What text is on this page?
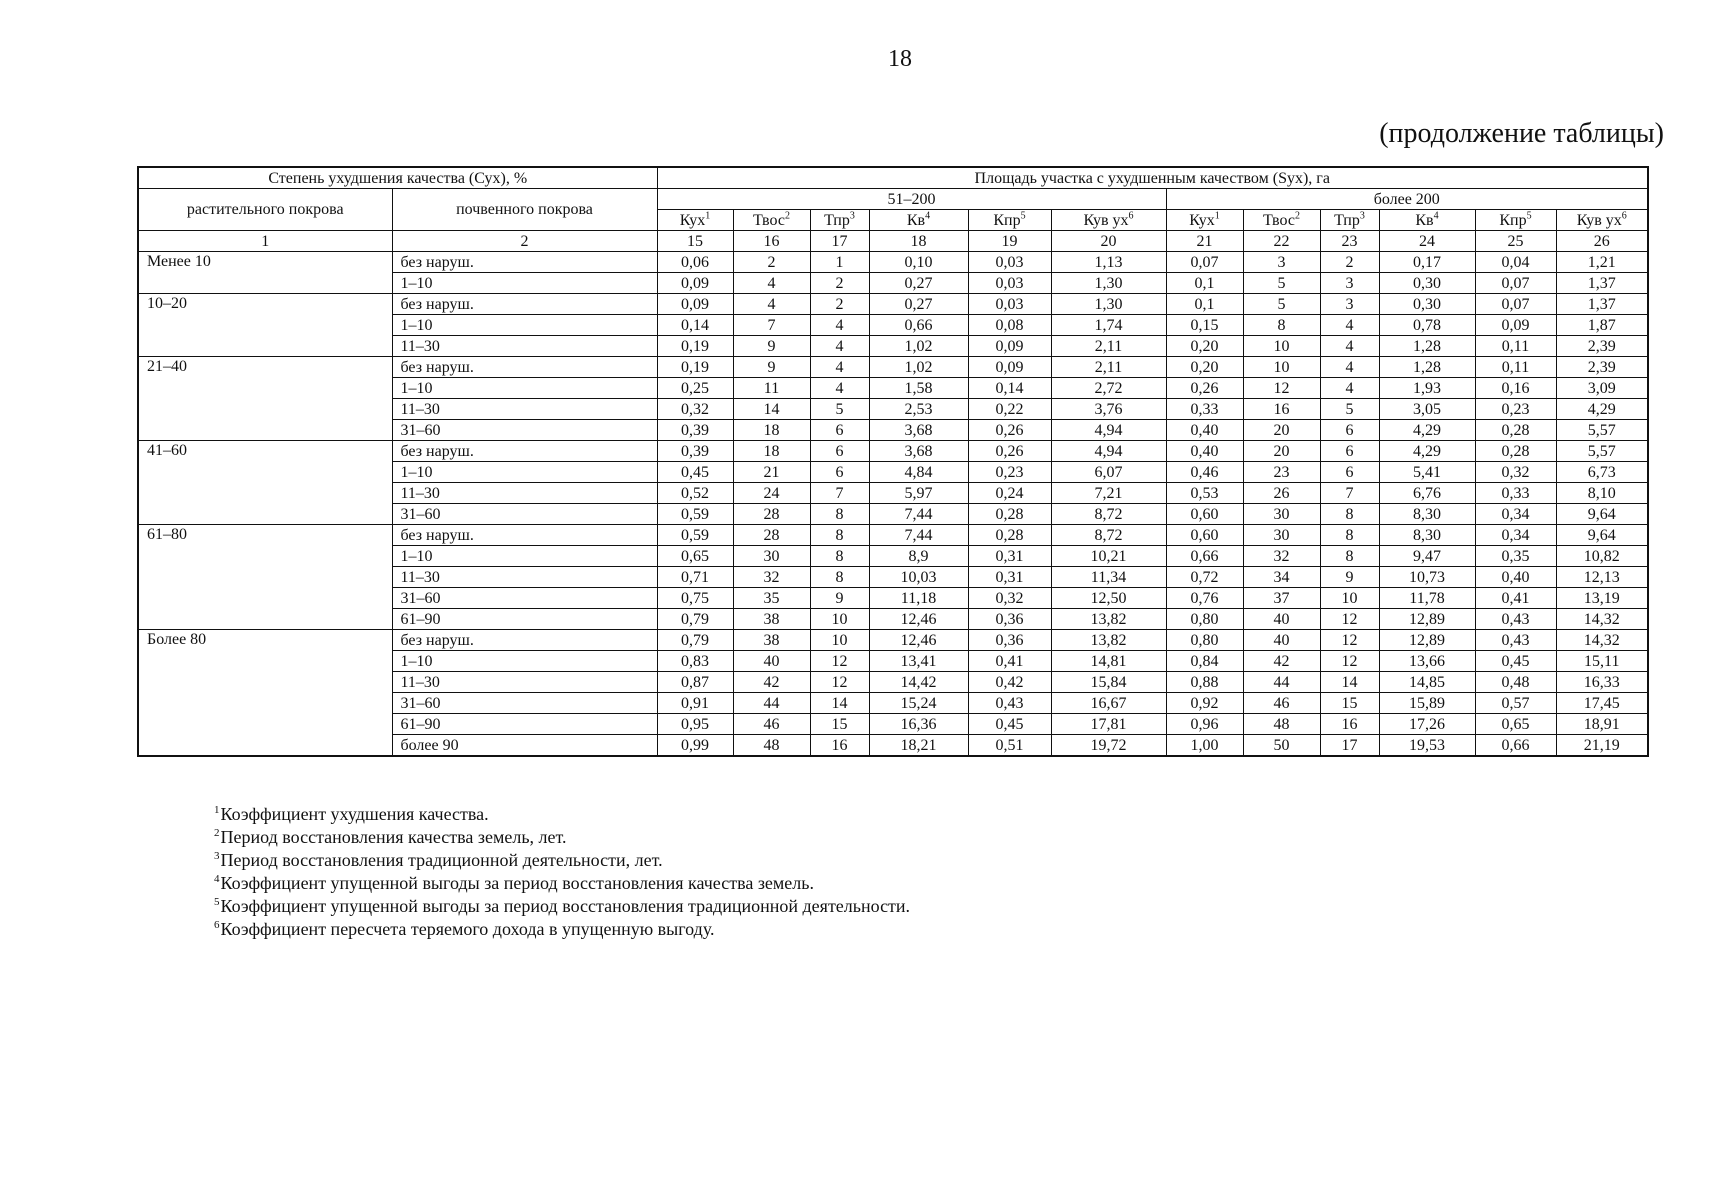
18
(продолжение таблицы)
Степень ухудшения качества (Сух), %		Площадь участка с ухудшенным качеством (Sух), га											
растительного покрова	почвенного покрова	51–200						более 200					
		Кух$^1$	Твос$^2$	Тпр$^3$	$Кв^4$	Кпр$^5$	Кув $ух^6$	Кух$^1$	Твос$^2$	Тпр$^3$	$Кв^4$	Кпр$^5$	Кув $ух^6$
1	2	15	16	17	18	19	20	21	22	23	24	25	26
Менее 10	без наруш.	0,06	2	1	0,10	0,03	1,13	0,07	3	2	0,17	0,04	1,21
	1–10	0,09	4	2	0,27	0,03	1,30	0,1	5	3	0,30	0,07	1,37
10–20	без наруш.	0,09	4	2	0,27	0,03	1,30	0,1	5	3	0,30	0,07	1,37
	1–10	0,14	7	4	0,66	0,08	1,74	0,15	8	4	0,78	0,09	1,87
	11–30	0,19	9	4	1,02	0,09	2,11	0,20	10	4	1,28	0,11	2,39
21–40	без наруш.	0,19	9	4	1,02	0,09	2,11	0,20	10	4	1,28	0,11	2,39
	1–10	0,25	11	4	1,58	0,14	2,72	0,26	12	4	1,93	0,16	3,09
	11–30	0,32	14	5	2,53	0,22	3,76	0,33	16	5	3,05	0,23	4,29
	31–60	0,39	18	6	3,68	0,26	4,94	0,40	20	6	4,29	0,28	5,57
41–60	без наруш.	0,39	18	6	3,68	0,26	4,94	0,40	20	6	4,29	0,28	5,57
	1–10	0,45	21	6	4,84	0,23	6,07	0,46	23	6	5,41	0,32	6,73
	11–30	0,52	24	7	5,97	0,24	7,21	0,53	26	7	6,76	0,33	8,10
	31–60	0,59	28	8	7,44	0,28	8,72	0,60	30	8	8,30	0,34	9,64
61–80	без наруш.	0,59	28	8	7,44	0,28	8,72	0,60	30	8	8,30	0,34	9,64
	1–10	0,65	30	8	8,9	0,31	10,21	0,66	32	8	9,47	0,35	10,82
	11–30	0,71	32	8	10,03	0,31	11,34	0,72	34	9	10,73	0,40	12,13
	31–60	0,75	35	9	11,18	0,32	12,50	0,76	37	10	11,78	0,41	13,19
	61–90	0,79	38	10	12,46	0,36	13,82	0,80	40	12	12,89	0,43	14,32
Более 80	без наруш.	0,79	38	10	12,46	0,36	13,82	0,80	40	12	12,89	0,43	14,32
	1–10	0,83	40	12	13,41	0,41	14,81	0,84	42	12	13,66	0,45	15,11
	11–30	0,87	42	12	14,42	0,42	15,84	0,88	44	14	14,85	0,48	16,33
	31–60	0,91	44	14	15,24	0,43	16,67	0,92	46	15	15,89	0,57	17,45
	61–90	0,95	46	15	16,36	0,45	17,81	0,96	48	16	17,26	0,65	18,91
	более 90	0,99	48	16	18,21	0,51	19,72	1,00	50	17	19,53	0,66	21,19
$^1$Коэффициент ухудшения качества.
$^2$Период восстановления качества земель, лет.
$^3$Период восстановления традиционной деятельности, лет.
$^4$Коэффициент упущенной выгоды за период восстановления качества земель.
$^5$Коэффициент упущенной выгоды за период восстановления традиционной деятельности.
$^6$Коэффициент пересчета теряемого дохода в упущенную выгоду.
